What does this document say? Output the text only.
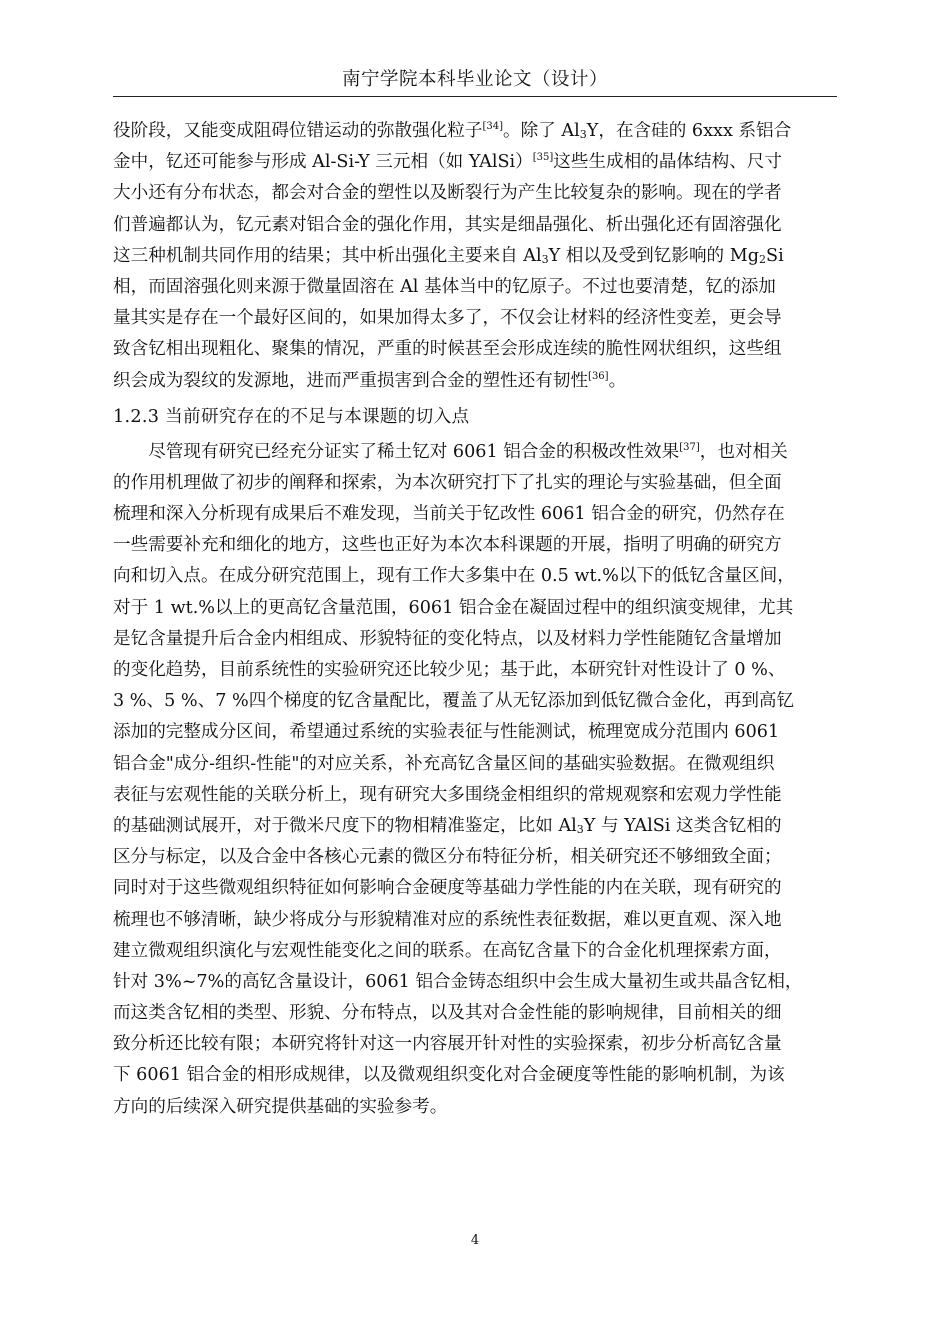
南宁学院本科毕业论文（设计）
役阶段，又能变成阻碍位错运动的弥散强化粒子[34]。除了 $Al_3Y$，在含硅的 6xxx 系铝合
金中，钇还可能参与形成 Al-Si-Y 三元相（如 YAlSi）[35]这些生成相的晶体结构、尺寸
大小还有分布状态，都会对合金的塑性以及断裂行为产生比较复杂的影响。现在的学者
们普遍都认为，钇元素对铝合金的强化作用，其实是细晶强化、析出强化还有固溶强化
这三种机制共同作用的结果；其中析出强化主要来自 $Al_3Y$ 相以及受到钇影响的 $Mg_2Si$
相，而固溶强化则来源于微量固溶在 Al 基体当中的钇原子。不过也要清楚，钇的添加
量其实是存在一个最好区间的，如果加得太多了，不仅会让材料的经济性变差，更会导
致含钇相出现粗化、聚集的情况，严重的时候甚至会形成连续的脆性网状组织，这些组
织会成为裂纹的发源地，进而严重损害到合金的塑性还有韧性[36]。
1.2.3 当前研究存在的不足与本课题的切入点
尽管现有研究已经充分证实了稀土钇对 6061 铝合金的积极改性效果[37]，也对相关
的作用机理做了初步的阐释和探索，为本次研究打下了扎实的理论与实验基础，但全面
梳理和深入分析现有成果后不难发现，当前关于钇改性 6061 铝合金的研究，仍然存在
一些需要补充和细化的地方，这些也正好为本次本科课题的开展，指明了明确的研究方
向和切入点。在成分研究范围上，现有工作大多集中在 0.5 wt.%以下的低钇含量区间，
对于 1 wt.%以上的更高钇含量范围，6061 铝合金在凝固过程中的组织演变规律，尤其
是钇含量提升后合金内相组成、形貌特征的变化特点，以及材料力学性能随钇含量增加
的变化趋势，目前系统性的实验研究还比较少见；基于此，本研究针对性设计了 0 %、
3 %、5 %、7 %四个梯度的钇含量配比，覆盖了从无钇添加到低钇微合金化，再到高钇
添加的完整成分区间，希望通过系统的实验表征与性能测试，梳理宽成分范围内 6061
铝合金"成分-组织-性能"的对应关系，补充高钇含量区间的基础实验数据。在微观组织
表征与宏观性能的关联分析上，现有研究大多围绕金相组织的常规观察和宏观力学性能
的基础测试展开，对于微米尺度下的物相精准鉴定，比如 $Al_3Y$ 与 YAlSi 这类含钇相的
区分与标定，以及合金中各核心元素的微区分布特征分析，相关研究还不够细致全面；
同时对于这些微观组织特征如何影响合金硬度等基础力学性能的内在关联，现有研究的
梳理也不够清晰，缺少将成分与形貌精准对应的系统性表征数据，难以更直观、深入地
建立微观组织演化与宏观性能变化之间的联系。在高钇含量下的合金化机理探索方面，
针对 3%~7%的高钇含量设计，6061 铝合金铸态组织中会生成大量初生或共晶含钇相，
而这类含钇相的类型、形貌、分布特点，以及其对合金性能的影响规律，目前相关的细
致分析还比较有限；本研究将针对这一内容展开针对性的实验探索，初步分析高钇含量
下 6061 铝合金的相形成规律，以及微观组织变化对合金硬度等性能的影响机制，为该
方向的后续深入研究提供基础的实验参考。
4
